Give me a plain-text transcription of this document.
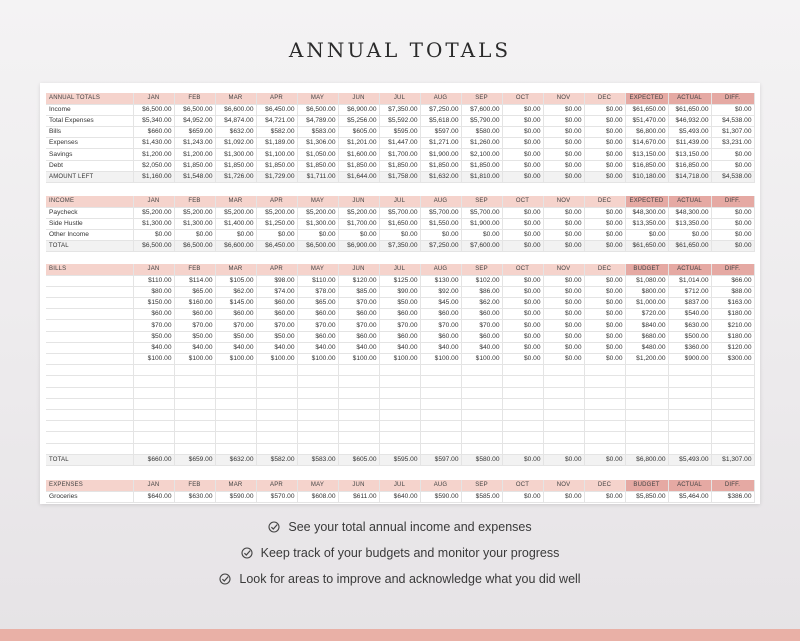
ANNUAL TOTALS
ANNUAL TOTALS	JAN	FEB	MAR	APR	MAY	JUN	JUL	AUG	SEP	OCT	NOV	DEC	EXPECTED	ACTUAL	DIFF.
Income	$6,500.00	$6,500.00	$6,600.00	$6,450.00	$6,500.00	$6,900.00	$7,350.00	$7,250.00	$7,600.00	$0.00	$0.00	$0.00	$61,650.00	$61,650.00	$0.00
Total Expenses	$5,340.00	$4,952.00	$4,874.00	$4,721.00	$4,789.00	$5,256.00	$5,592.00	$5,618.00	$5,790.00	$0.00	$0.00	$0.00	$51,470.00	$46,932.00	$4,538.00
Bills	$660.00	$659.00	$632.00	$582.00	$583.00	$605.00	$595.00	$597.00	$580.00	$0.00	$0.00	$0.00	$6,800.00	$5,493.00	$1,307.00
Expenses	$1,430.00	$1,243.00	$1,092.00	$1,189.00	$1,306.00	$1,201.00	$1,447.00	$1,271.00	$1,260.00	$0.00	$0.00	$0.00	$14,670.00	$11,439.00	$3,231.00
Savings	$1,200.00	$1,200.00	$1,300.00	$1,100.00	$1,050.00	$1,600.00	$1,700.00	$1,900.00	$2,100.00	$0.00	$0.00	$0.00	$13,150.00	$13,150.00	$0.00
Debt	$2,050.00	$1,850.00	$1,850.00	$1,850.00	$1,850.00	$1,850.00	$1,850.00	$1,850.00	$1,850.00	$0.00	$0.00	$0.00	$16,850.00	$16,850.00	$0.00
AMOUNT LEFT	$1,160.00	$1,548.00	$1,726.00	$1,729.00	$1,711.00	$1,644.00	$1,758.00	$1,632.00	$1,810.00	$0.00	$0.00	$0.00	$10,180.00	$14,718.00	$4,538.00
INCOME	JAN	FEB	MAR	APR	MAY	JUN	JUL	AUG	SEP	OCT	NOV	DEC	EXPECTED	ACTUAL	DIFF.
Paycheck	$5,200.00	$5,200.00	$5,200.00	$5,200.00	$5,200.00	$5,200.00	$5,700.00	$5,700.00	$5,700.00	$0.00	$0.00	$0.00	$48,300.00	$48,300.00	$0.00
Side Hustle	$1,300.00	$1,300.00	$1,400.00	$1,250.00	$1,300.00	$1,700.00	$1,650.00	$1,550.00	$1,900.00	$0.00	$0.00	$0.00	$13,350.00	$13,350.00	$0.00
Other Income	$0.00	$0.00	$0.00	$0.00	$0.00	$0.00	$0.00	$0.00	$0.00	$0.00	$0.00	$0.00	$0.00	$0.00	$0.00
TOTAL	$6,500.00	$6,500.00	$6,600.00	$6,450.00	$6,500.00	$6,900.00	$7,350.00	$7,250.00	$7,600.00	$0.00	$0.00	$0.00	$61,650.00	$61,650.00	$0.00
BILLS	JAN	FEB	MAR	APR	MAY	JUN	JUL	AUG	SEP	OCT	NOV	DEC	BUDGET	ACTUAL	DIFF.
	$110.00	$114.00	$105.00	$98.00	$110.00	$120.00	$125.00	$130.00	$102.00	$0.00	$0.00	$0.00	$1,080.00	$1,014.00	$66.00
	$80.00	$65.00	$62.00	$74.00	$78.00	$85.00	$90.00	$92.00	$86.00	$0.00	$0.00	$0.00	$800.00	$712.00	$88.00
	$150.00	$160.00	$145.00	$60.00	$65.00	$70.00	$50.00	$45.00	$62.00	$0.00	$0.00	$0.00	$1,000.00	$837.00	$163.00
	$60.00	$60.00	$60.00	$60.00	$60.00	$60.00	$60.00	$60.00	$60.00	$0.00	$0.00	$0.00	$720.00	$540.00	$180.00
	$70.00	$70.00	$70.00	$70.00	$70.00	$70.00	$70.00	$70.00	$70.00	$0.00	$0.00	$0.00	$840.00	$630.00	$210.00
	$50.00	$50.00	$50.00	$50.00	$60.00	$60.00	$60.00	$60.00	$60.00	$0.00	$0.00	$0.00	$680.00	$500.00	$180.00
	$40.00	$40.00	$40.00	$40.00	$40.00	$40.00	$40.00	$40.00	$40.00	$0.00	$0.00	$0.00	$480.00	$360.00	$120.00
	$100.00	$100.00	$100.00	$100.00	$100.00	$100.00	$100.00	$100.00	$100.00	$0.00	$0.00	$0.00	$1,200.00	$900.00	$300.00

TOTAL	$660.00	$659.00	$632.00	$582.00	$583.00	$605.00	$595.00	$597.00	$580.00	$0.00	$0.00	$0.00	$6,800.00	$5,493.00	$1,307.00
EXPENSES	JAN	FEB	MAR	APR	MAY	JUN	JUL	AUG	SEP	OCT	NOV	DEC	BUDGET	ACTUAL	DIFF.
Groceries	$640.00	$630.00	$590.00	$570.00	$608.00	$611.00	$640.00	$590.00	$585.00	$0.00	$0.00	$0.00	$5,850.00	$5,464.00	$386.00
See your total annual income and expenses
Keep track of your budgets and monitor your progress
Look for areas to improve and acknowledge what you did well
